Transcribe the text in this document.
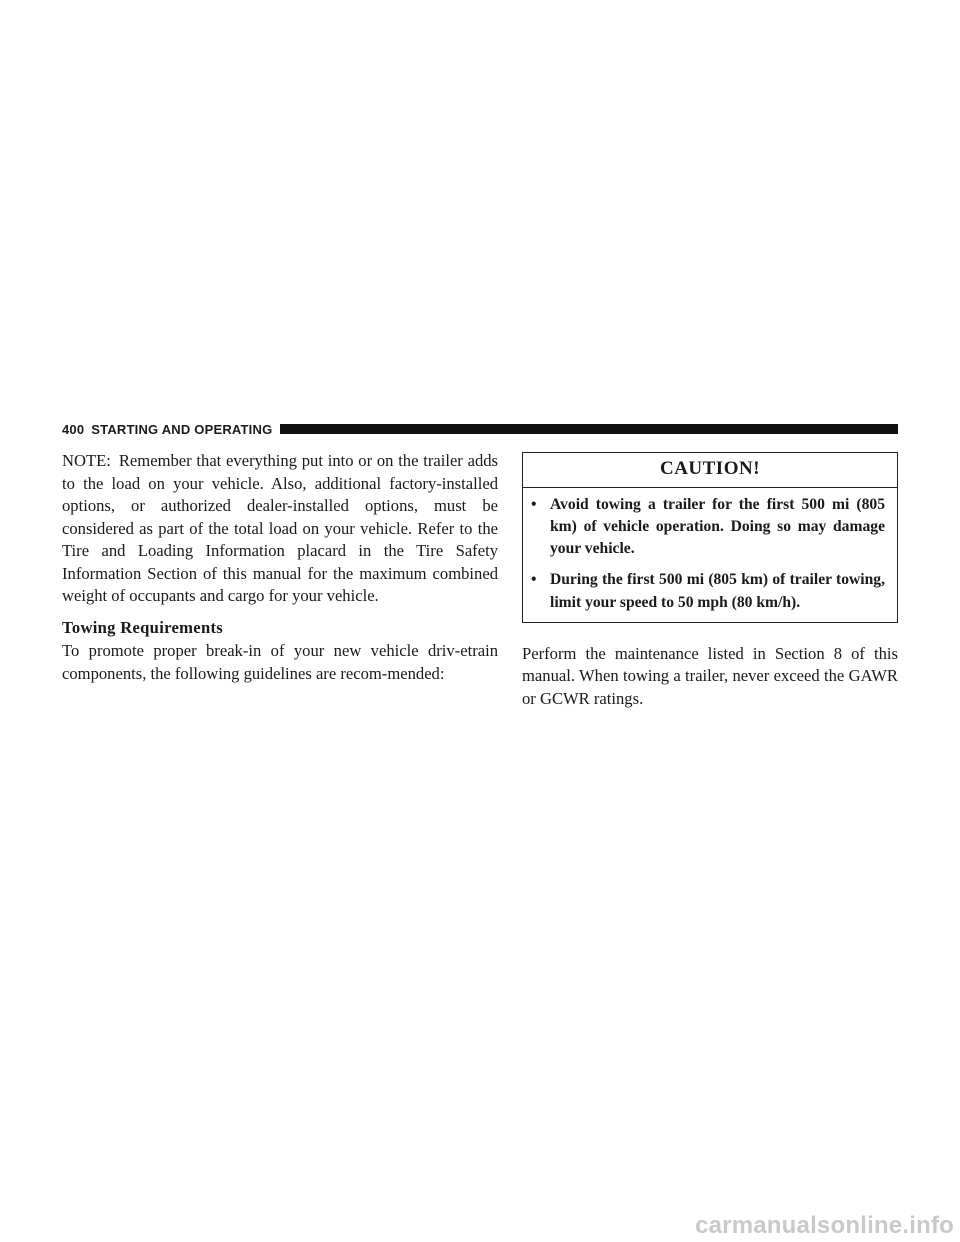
400 STARTING AND OPERATING

NOTE: Remember that everything put into or on the trailer adds to the load on your vehicle. Also, additional factory-installed options, or authorized dealer-installed options, must be considered as part of the total load on your vehicle. Refer to the Tire and Loading Information placard in the Tire Safety Information Section of this manual for the maximum combined weight of occupants and cargo for your vehicle.

Towing Requirements

To promote proper break-in of your new vehicle driv-etrain components, the following guidelines are recom-mended:

CAUTION!
• Avoid towing a trailer for the first 500 mi (805 km) of vehicle operation. Doing so may damage your vehicle.
• During the first 500 mi (805 km) of trailer towing, limit your speed to 50 mph (80 km/h).

Perform the maintenance listed in Section 8 of this manual. When towing a trailer, never exceed the GAWR or GCWR ratings.

carmanualsonline.info
